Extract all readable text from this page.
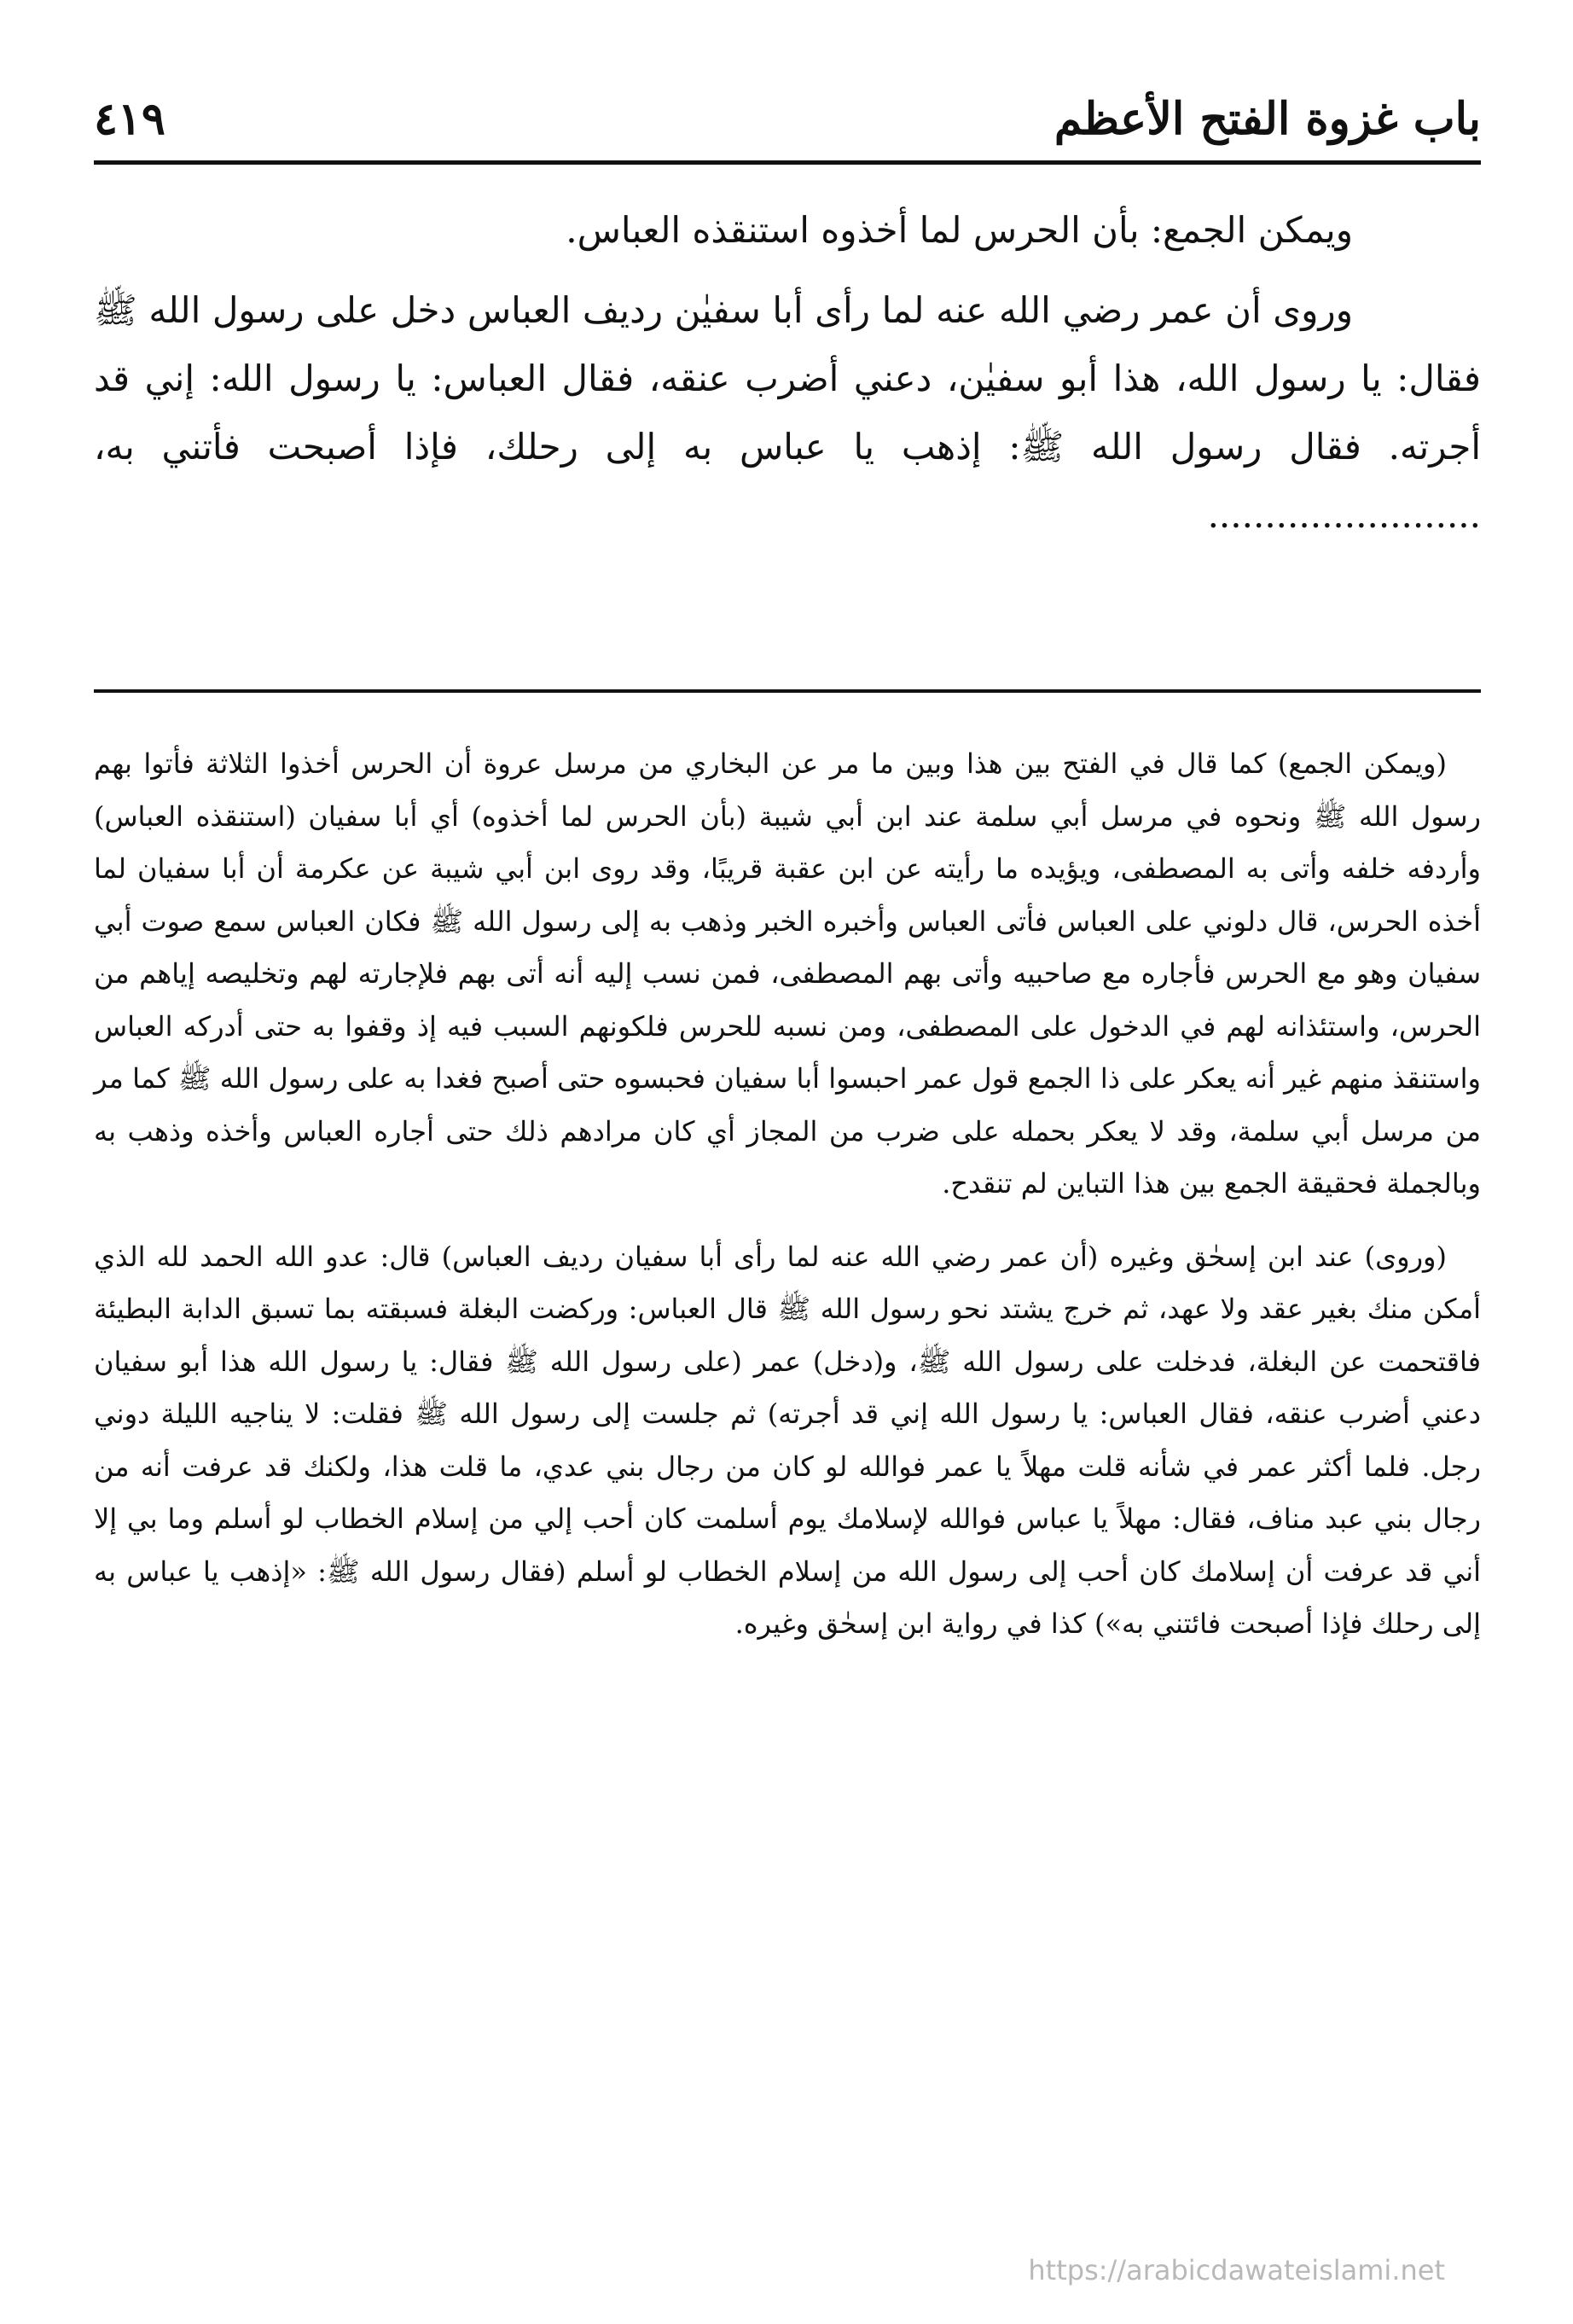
باب غزوة الفتح الأعظم
٤١٩

ويمكن الجمع: بأن الحرس لما أخذوه استنقذه العباس.

وروى أن عمر رضي الله عنه لما رأى أبا سفيٰن رديف العباس دخل على رسول الله ﷺ فقال: يا رسول الله، هذا أبو سفيٰن، دعني أضرب عنقه، فقال العباس: يا رسول الله: إني قد أجرته. فقال رسول الله ﷺ: إذهب يا عباس به إلى رحلك، فإذا أصبحت فأتني به، ........................

(ويمكن الجمع) كما قال في الفتح بين هذا وبين ما مر عن البخاري من مرسل عروة أن الحرس أخذوا الثلاثة فأتوا بهم رسول الله ﷺ ونحوه في مرسل أبي سلمة عند ابن أبي شيبة (بأن الحرس لما أخذوه) أي أبا سفيان (استنقذه العباس) وأردفه خلفه وأتى به المصطفى، ويؤيده ما رأيته عن ابن عقبة قريبًا، وقد روى ابن أبي شيبة عن عكرمة أن أبا سفيان لما أخذه الحرس، قال دلوني على العباس فأتى العباس وأخبره الخبر وذهب به إلى رسول الله ﷺ فكان العباس سمع صوت أبي سفيان وهو مع الحرس فأجاره مع صاحبيه وأتى بهم المصطفى، فمن نسب إليه أنه أتى بهم فلإجارته لهم وتخليصه إياهم من الحرس، واستئذانه لهم في الدخول على المصطفى، ومن نسبه للحرس فلكونهم السبب فيه إذ وقفوا به حتى أدركه العباس واستنقذ منهم غير أنه يعكر على ذا الجمع قول عمر احبسوا أبا سفيان فحبسوه حتى أصبح فغدا به على رسول الله ﷺ كما مر من مرسل أبي سلمة، وقد لا يعكر بحمله على ضرب من المجاز أي كان مرادهم ذلك حتى أجاره العباس وأخذه وذهب به وبالجملة فحقيقة الجمع بين هذا التباين لم تنقدح.

(وروى) عند ابن إسحٰق وغيره (أن عمر رضي الله عنه لما رأى أبا سفيان رديف العباس) قال: عدو الله الحمد لله الذي أمكن منك بغير عقد ولا عهد، ثم خرج يشتد نحو رسول الله ﷺ قال العباس: وركضت البغلة فسبقته بما تسبق الدابة البطيئة فاقتحمت عن البغلة، فدخلت على رسول الله ﷺ، و(دخل) عمر (على رسول الله ﷺ فقال: يا رسول الله هذا أبو سفيان دعني أضرب عنقه، فقال العباس: يا رسول الله إني قد أجرته) ثم جلست إلى رسول الله ﷺ فقلت: لا يناجيه الليلة دوني رجل. فلما أكثر عمر في شأنه قلت مهلاً يا عمر فوالله لو كان من رجال بني عدي، ما قلت هذا، ولكنك قد عرفت أنه من رجال بني عبد مناف، فقال: مهلاً يا عباس فوالله لإسلامك يوم أسلمت كان أحب إلي من إسلام الخطاب لو أسلم وما بي إلا أني قد عرفت أن إسلامك كان أحب إلى رسول الله من إسلام الخطاب لو أسلم (فقال رسول الله ﷺ: «إذهب يا عباس به إلى رحلك فإذا أصبحت فائتني به») كذا في رواية ابن إسحٰق وغيره.

https://arabicdawateislami.net
